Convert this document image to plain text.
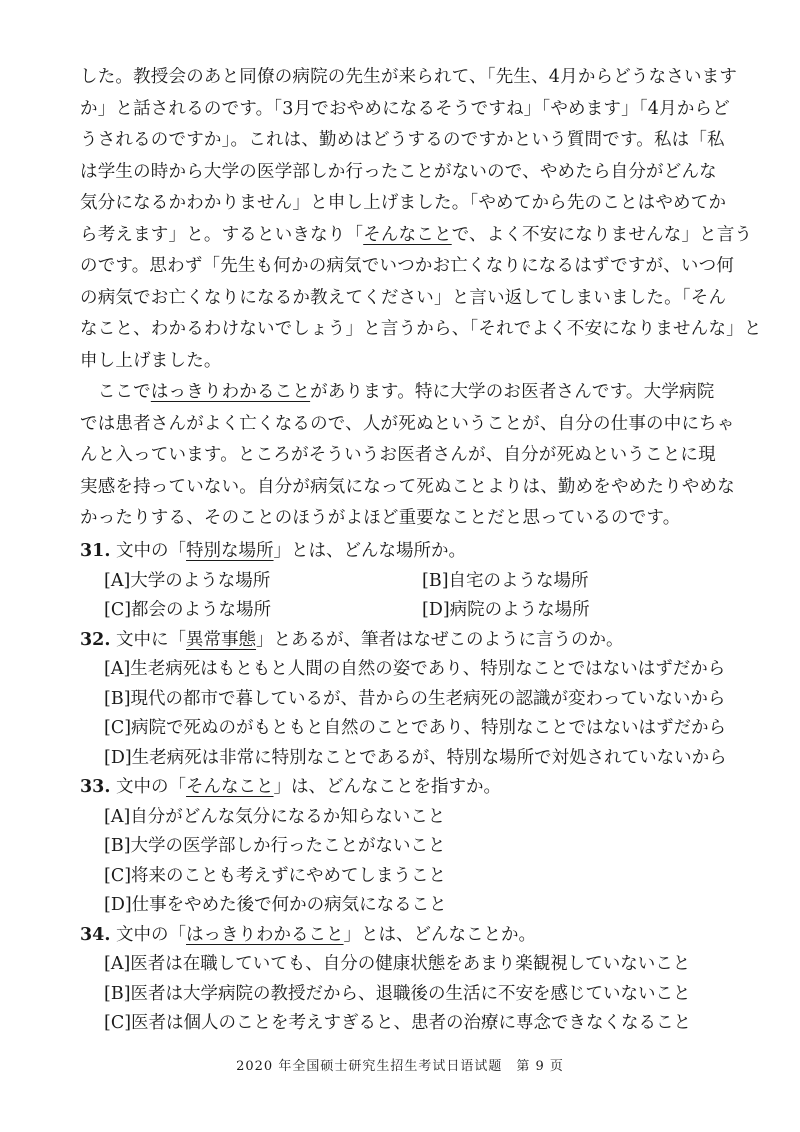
した。教授会のあと同僚の病院の先生が来られて、「先生、4月からどうなさいます
か」と話されるのです。「3月でおやめになるそうですね」「やめます」「4月からど
うされるのですか」。これは、勤めはどうするのですかという質問です。私は「私
は学生の時から大学の医学部しか行ったことがないので、やめたら自分がどんな
気分になるかわかりません」と申し上げました。「やめてから先のことはやめてか
ら考えます」と。するといきなり「そんなことで、よく不安になりませんな」と言う
のです。思わず「先生も何かの病気でいつかお亡くなりになるはずですが、いつ何
の病気でお亡くなりになるか教えてください」と言い返してしまいました。「そん
なこと、わかるわけないでしょう」と言うから、「それでよく不安になりませんな」と
申し上げました。
　ここではっきりわかることがあります。特に大学のお医者さんです。大学病院
では患者さんがよく亡くなるので、人が死ぬということが、自分の仕事の中にちゃ
んと入っています。ところがそういうお医者さんが、自分が死ぬということに現
実感を持っていない。自分が病気になって死ぬことよりは、勤めをやめたりやめな
かったりする、そのことのほうがよほど重要なことだと思っているのです。
31. 文中の「特別な場所」とは、どんな場所か。
[A]大学のような場所	[B]自宅のような場所
[C]都会のような場所	[D]病院のような場所
32. 文中に「異常事態」とあるが、筆者はなぜこのように言うのか。
[A]生老病死はもともと人間の自然の姿であり、特別なことではないはずだから
[B]現代の都市で暮しているが、昔からの生老病死の認識が変わっていないから
[C]病院で死ぬのがもともと自然のことであり、特別なことではないはずだから
[D]生老病死は非常に特別なことであるが、特別な場所で対処されていないから
33. 文中の「そんなこと」は、どんなことを指すか。
[A]自分がどんな気分になるか知らないこと
[B]大学の医学部しか行ったことがないこと
[C]将来のことも考えずにやめてしまうこと
[D]仕事をやめた後で何かの病気になること
34. 文中の「はっきりわかること」とは、どんなことか。
[A]医者は在職していても、自分の健康状態をあまり楽観視していないこと
[B]医者は大学病院の教授だから、退職後の生活に不安を感じていないこと
[C]医者は個人のことを考えすぎると、患者の治療に専念できなくなること
2020 年全国硕士研究生招生考试日语试题　第 9 页
